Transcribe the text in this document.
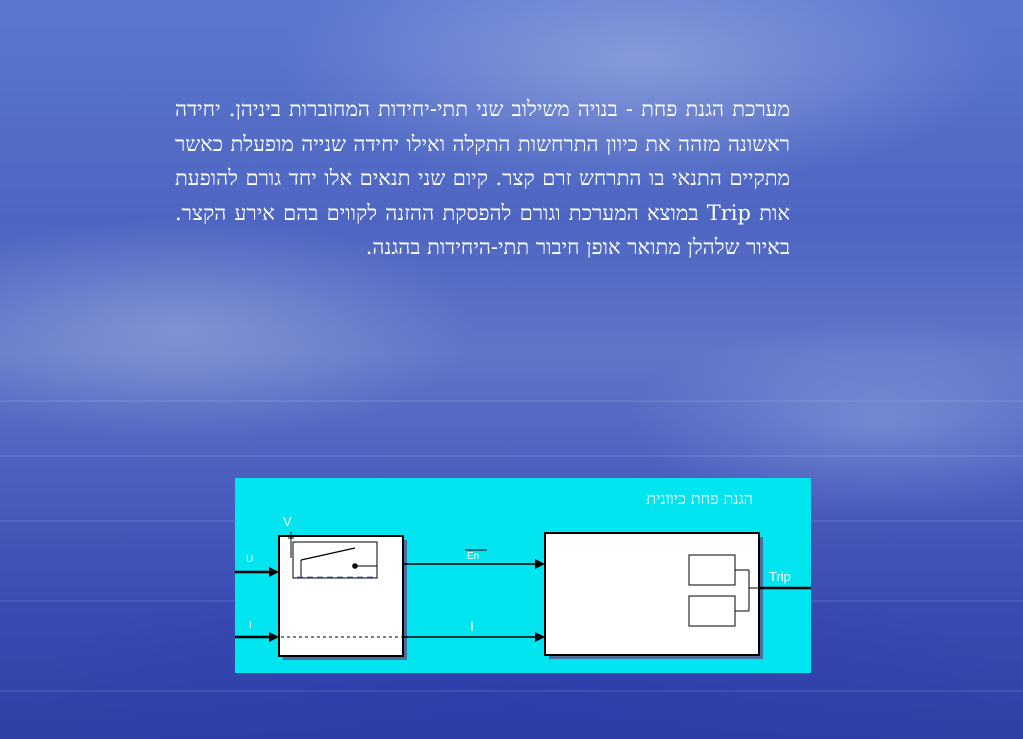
מערכת הגנת פחת - בנויה משילוב שני תתי-יחידות המחוברות ביניהן. יחידה ראשונה מזהה את כיוון התרחשות התקלה ואילו יחידה שנייה מופעלת כאשר מתקיים התנאי בו התרחש זרם קצר. קיום שני תנאים אלו יחד גורם להופעת אות Trip במוצא המערכת וגורם להפסקת ההזנה לקווים בהם אירע הקצר. באיור שלהלן מתואר אופן חיבור תתי-היחידות בהגנה.
הגנת פחת כיוונית
V
U
I
En
I
Trip
